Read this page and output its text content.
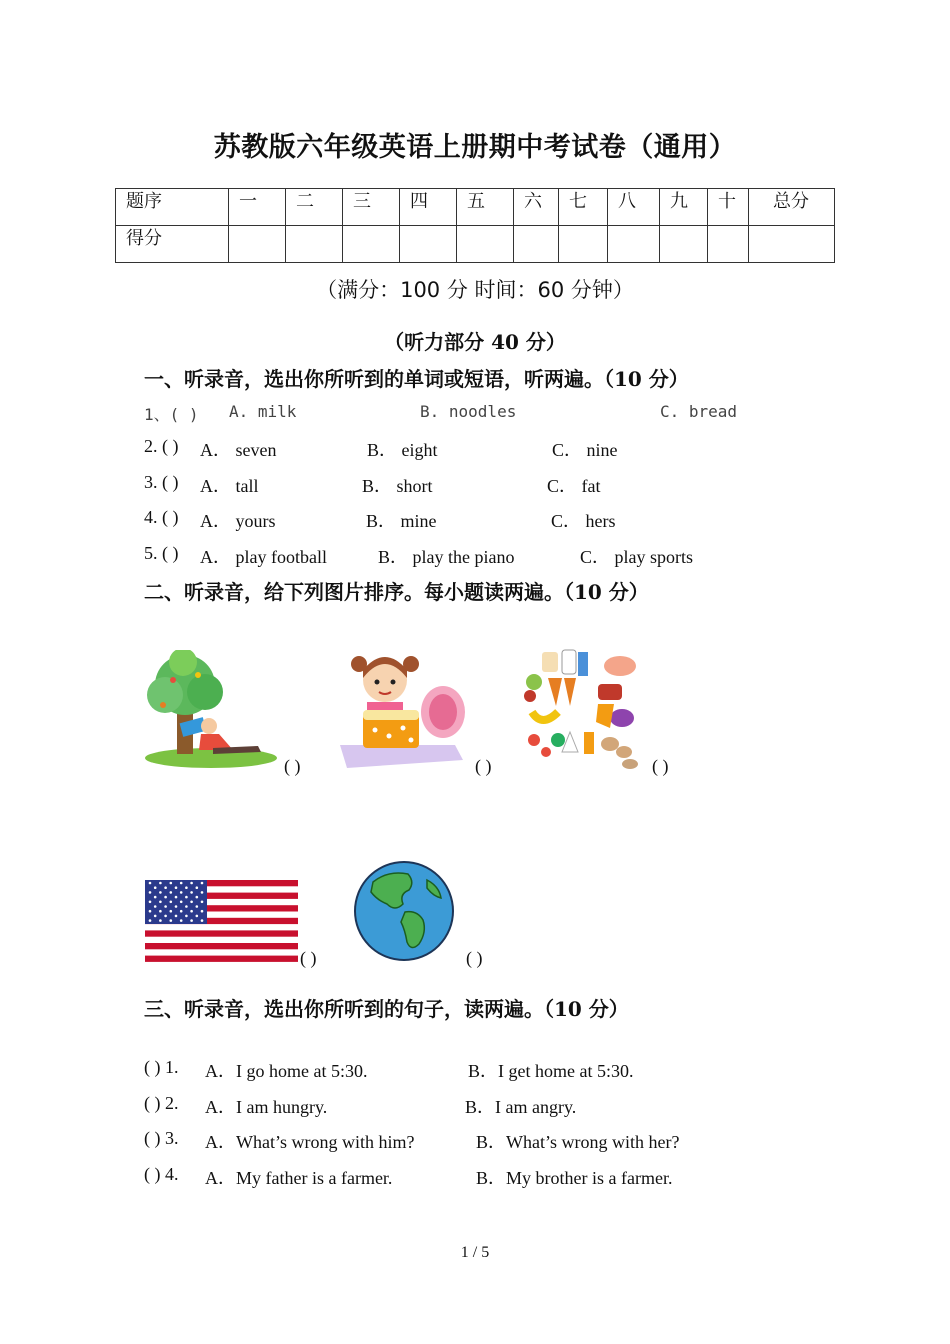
苏教版六年级英语上册期中考试卷（通用）
题序	一	二	三	四	五	六	七	八	九	十	总分
得分											
（满分：100 分 时间：60 分钟）
（听力部分 40 分）
一、听录音，选出你所听到的单词或短语，听两遍。（10 分）
1、( ) A. milk	B. noodles	C. bread
2. ( ) A． seven	B． eight	C． nine
3. ( ) A． tall	B． short	C． fat
4. ( ) A． yours	B． mine	C． hers
5. ( ) A． play football	B． play the piano	C． play sports
二、听录音，给下列图片排序。每小题读两遍。（10 分）
( )	( )	( )
( )	( )
三、听录音，选出你所听到的句子，读两遍。（10 分）
( ) 1. A．I go home at 5:30.	B．I get home at 5:30.
( ) 2. A．I am hungry.	B．I am angry.
( ) 3. A．What’s wrong with him?	B．What’s wrong with her?
( ) 4. A．My father is a farmer.	B．My brother is a farmer.
1 / 5
